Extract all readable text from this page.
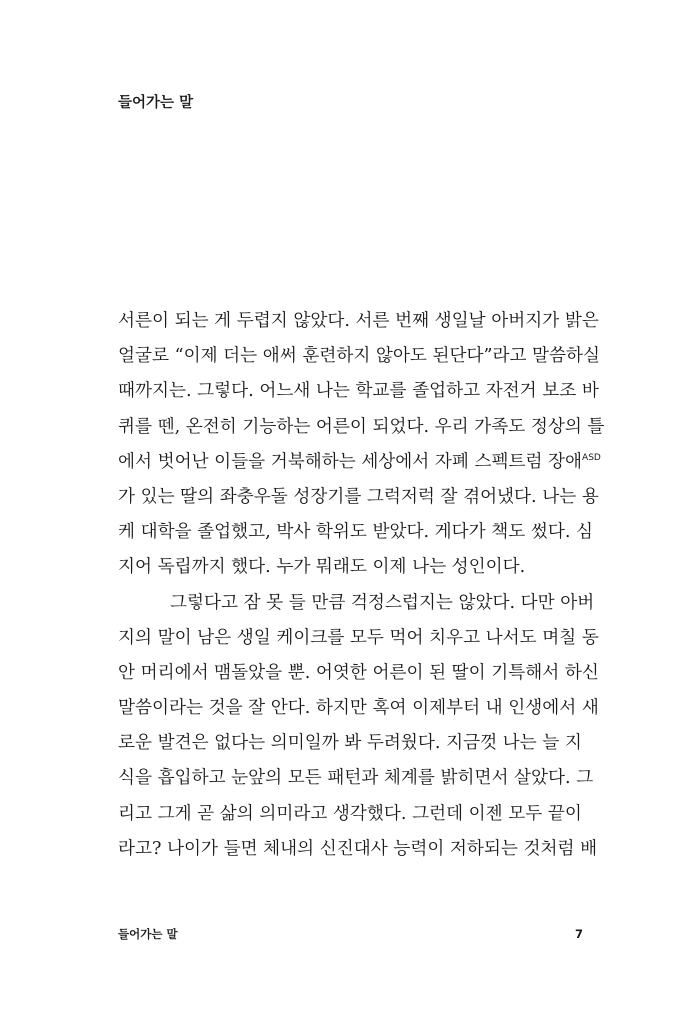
들어가는 말
서른이 되는 게 두렵지 않았다. 서른 번째 생일날 아버지가 밝은
얼굴로 “이제 더는 애써 훈련하지 않아도 된단다”라고 말씀하실
때까지는. 그렇다. 어느새 나는 학교를 졸업하고 자전거 보조 바
퀴를 뗀, 온전히 기능하는 어른이 되었다. 우리 가족도 정상의 틀
에서 벗어난 이들을 거북해하는 세상에서 자폐 스펙트럼 장애$^{ASD}$
가 있는 딸의 좌충우돌 성장기를 그럭저럭 잘 겪어냈다. 나는 용
케 대학을 졸업했고, 박사 학위도 받았다. 게다가 책도 썼다. 심
지어 독립까지 했다. 누가 뭐래도 이제 나는 성인이다.
그렇다고 잠 못 들 만큼 걱정스럽지는 않았다. 다만 아버
지의 말이 남은 생일 케이크를 모두 먹어 치우고 나서도 며칠 동
안 머리에서 맴돌았을 뿐. 어엿한 어른이 된 딸이 기특해서 하신
말씀이라는 것을 잘 안다. 하지만 혹여 이제부터 내 인생에서 새
로운 발견은 없다는 의미일까 봐 두려웠다. 지금껏 나는 늘 지
식을 흡입하고 눈앞의 모든 패턴과 체계를 밝히면서 살았다. 그
리고 그게 곧 삶의 의미라고 생각했다. 그런데 이젠 모두 끝이
라고? 나이가 들면 체내의 신진대사 능력이 저하되는 것처럼 배
들어가는 말	7
